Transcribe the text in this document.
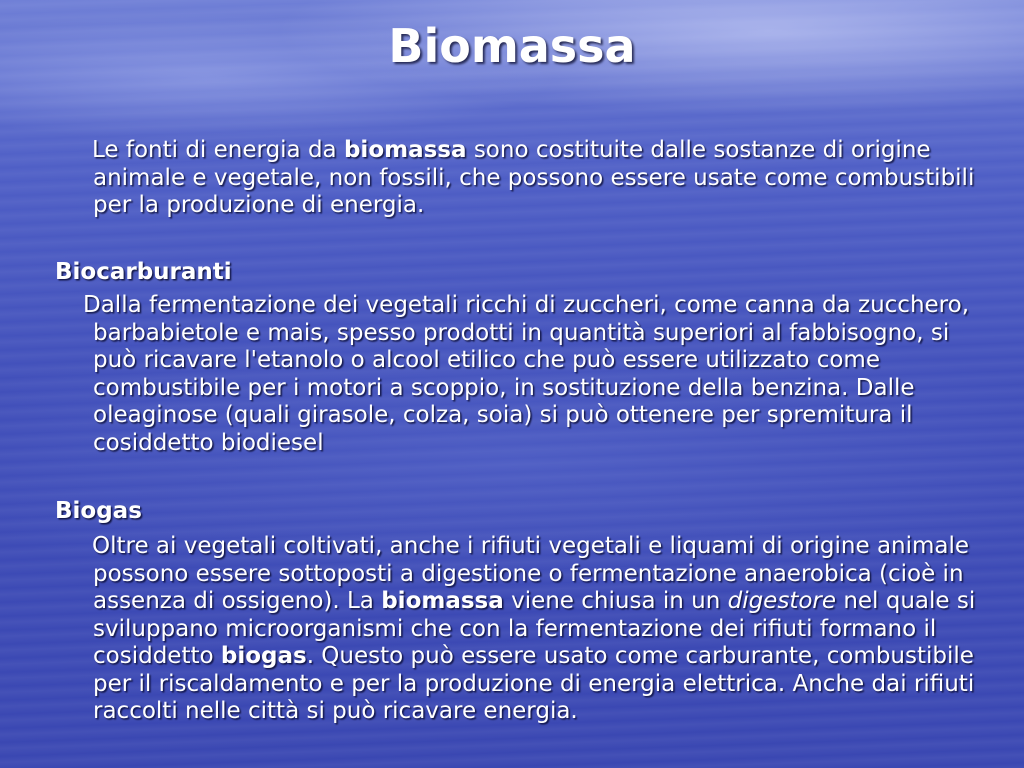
Biomassa

Le fonti di energia da biomassa sono costituite dalle sostanze di origine animale e vegetale, non fossili, che possono essere usate come combustibili per la produzione di energia.

Biocarburanti

Dalla fermentazione dei vegetali ricchi di zuccheri, come canna da zucchero, barbabietole e mais, spesso prodotti in quantità superiori al fabbisogno, si può ricavare l'etanolo o alcool etilico che può essere utilizzato come combustibile per i motori a scoppio, in sostituzione della benzina. Dalle oleaginose (quali girasole, colza, soia) si può ottenere per spremitura il cosiddetto biodiesel

Biogas

Oltre ai vegetali coltivati, anche i rifiuti vegetali e liquami di origine animale possono essere sottoposti a digestione o fermentazione anaerobica (cioè in assenza di ossigeno). La biomassa viene chiusa in un digestore nel quale si sviluppano microorganismi che con la fermentazione dei rifiuti formano il cosiddetto biogas. Questo può essere usato come carburante, combustibile per il riscaldamento e per la produzione di energia elettrica. Anche dai rifiuti raccolti nelle città si può ricavare energia.
